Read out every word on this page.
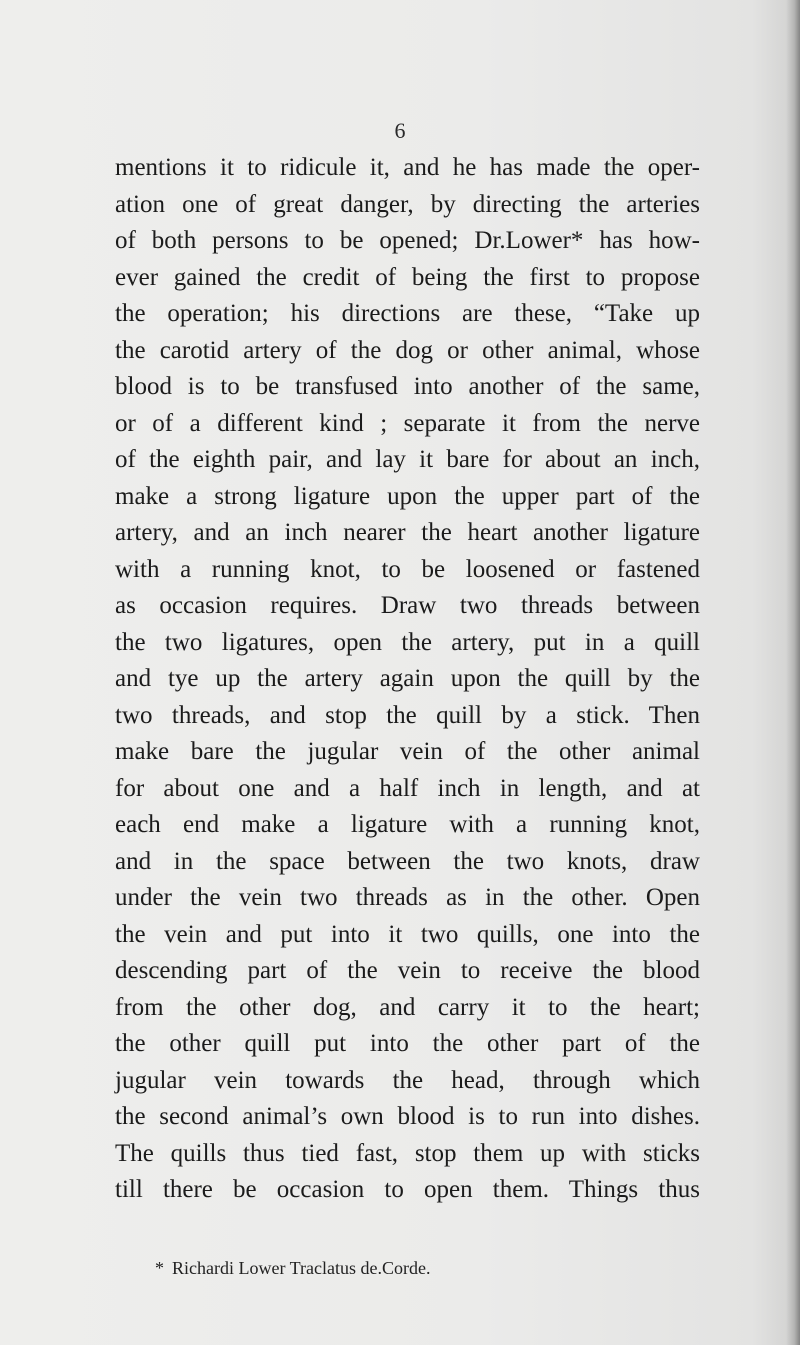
6
mentions it to ridicule it, and he has made the oper-
ation one of great danger, by directing the arteries
of both persons to be opened; Dr.Lower* has how-
ever gained the credit of being the first to propose
the operation; his directions are these, “Take up
the carotid artery of the dog or other animal, whose
blood is to be transfused into another of the same,
or of a different kind ; separate it from the nerve
of the eighth pair, and lay it bare for about an inch,
make a strong ligature upon the upper part of the
artery, and an inch nearer the heart another ligature
with a running knot, to be loosened or fastened
as occasion requires. Draw two threads between
the two ligatures, open the artery, put in a quill
and tye up the artery again upon the quill by the
two threads, and stop the quill by a stick. Then
make bare the jugular vein of the other animal
for about one and a half inch in length, and at
each end make a ligature with a running knot,
and in the space between the two knots, draw
under the vein two threads as in the other. Open
the vein and put into it two quills, one into the
descending part of the vein to receive the blood
from the other dog, and carry it to the heart;
the other quill put into the other part of the
jugular vein towards the head, through which
the second animal’s own blood is to run into dishes.
The quills thus tied fast, stop them up with sticks
till there be occasion to open them. Things thus
* Richardi Lower Traclatus de.Corde.
